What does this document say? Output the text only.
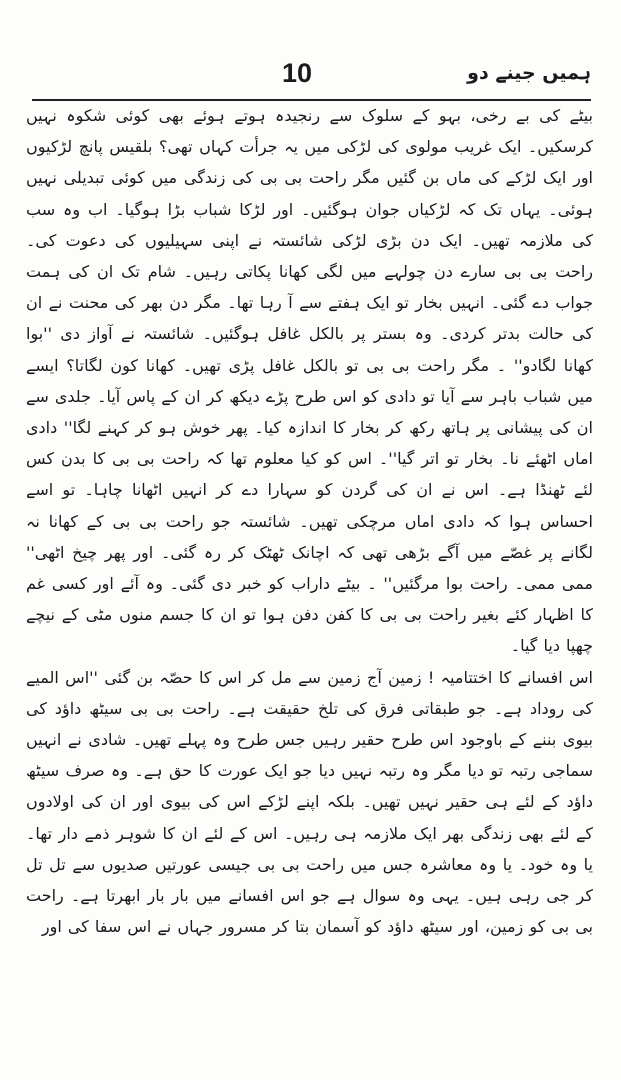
ہمیں جینے دو
10

بیٹے کی بے رخی، بہو کے سلوک سے رنجیدہ ہوتے ہوئے بھی کوئی شکوہ نہیں کرسکیں۔ ایک غریب مولوی کی لڑکی میں یہ جرأت کہاں تھی؟ بلقیس پانچ لڑکیوں اور ایک لڑکے کی ماں بن گئیں مگر راحت بی بی کی زندگی میں کوئی تبدیلی نہیں ہوئی۔ یہاں تک کہ لڑکیاں جوان ہوگئیں۔ اور لڑکا شباب بڑا ہوگیا۔ اب وہ سب کی ملازمہ تھیں۔ ایک دن بڑی لڑکی شائستہ نے اپنی سہیلیوں کی دعوت کی۔ راحت بی بی سارے دن چولہے میں لگی کھانا پکاتی رہیں۔ شام تک ان کی ہمت جواب دے گئی۔ انہیں بخار تو ایک ہفتے سے آ رہا تھا۔ مگر دن بھر کی محنت نے ان کی حالت بدتر کردی۔ وہ بستر پر بالکل غافل ہوگئیں۔ شائستہ نے آواز دی ''بوا کھانا لگادو'' ۔ مگر راحت بی بی تو بالکل غافل پڑی تھیں۔ کھانا کون لگاتا؟ ایسے میں شباب باہر سے آیا تو دادی کو اس طرح پڑے دیکھ کر ان کے پاس آیا۔ جلدی سے ان کی پیشانی پر ہاتھ رکھ کر بخار کا اندازہ کیا۔ پھر خوش ہو کر کہنے لگا'' دادی اماں اٹھئے نا۔ بخار تو اتر گیا''۔ اس کو کیا معلوم تھا کہ راحت بی بی کا بدن کس لئے ٹھنڈا ہے۔ اس نے ان کی گردن کو سہارا دے کر انہیں اٹھانا چاہا۔ تو اسے احساس ہوا کہ دادی اماں مرچکی تھیں۔ شائستہ جو راحت بی بی کے کھانا نہ لگانے پر غصّے میں آگے بڑھی تھی کہ اچانک ٹھٹک کر رہ گئی۔ اور پھر چیخ اٹھی'' ممی ممی۔ راحت بوا مرگئیں'' ۔ بیٹے داراب کو خبر دی گئی۔ وہ آئے اور کسی غم کا اظہار کئے بغیر راحت بی بی کا کفن دفن ہوا تو ان کا جسم منوں مٹی کے نیچے چھپا دیا گیا۔

اس افسانے کا اختتامیہ ! زمین آج زمین سے مل کر اس کا حصّہ بن گئی ''اس المیے کی روداد ہے۔ جو طبقاتی فرق کی تلخ حقیقت ہے۔ راحت بی بی سیٹھ داؤد کی بیوی بننے کے باوجود اس طرح حقیر رہیں جس طرح وہ پہلے تھیں۔ شادی نے انہیں سماجی رتبہ تو دیا مگر وہ رتبہ نہیں دیا جو ایک عورت کا حق ہے۔ وہ صرف سیٹھ داؤد کے لئے ہی حقیر نہیں تھیں۔ بلکہ اپنے لڑکے اس کی بیوی اور ان کی اولادوں کے لئے بھی زندگی بھر ایک ملازمہ ہی رہیں۔ اس کے لئے ان کا شوہر ذمے دار تھا۔ یا وہ خود۔ یا وہ معاشرہ جس میں راحت بی بی جیسی عورتیں صدیوں سے تل تل کر جی رہی ہیں۔ یہی وہ سوال ہے جو اس افسانے میں بار بار ابھرتا ہے۔ راحت بی بی کو زمین، اور سیٹھ داؤد کو آسمان بتا کر مسرور جہاں نے اس سفا کی اور
